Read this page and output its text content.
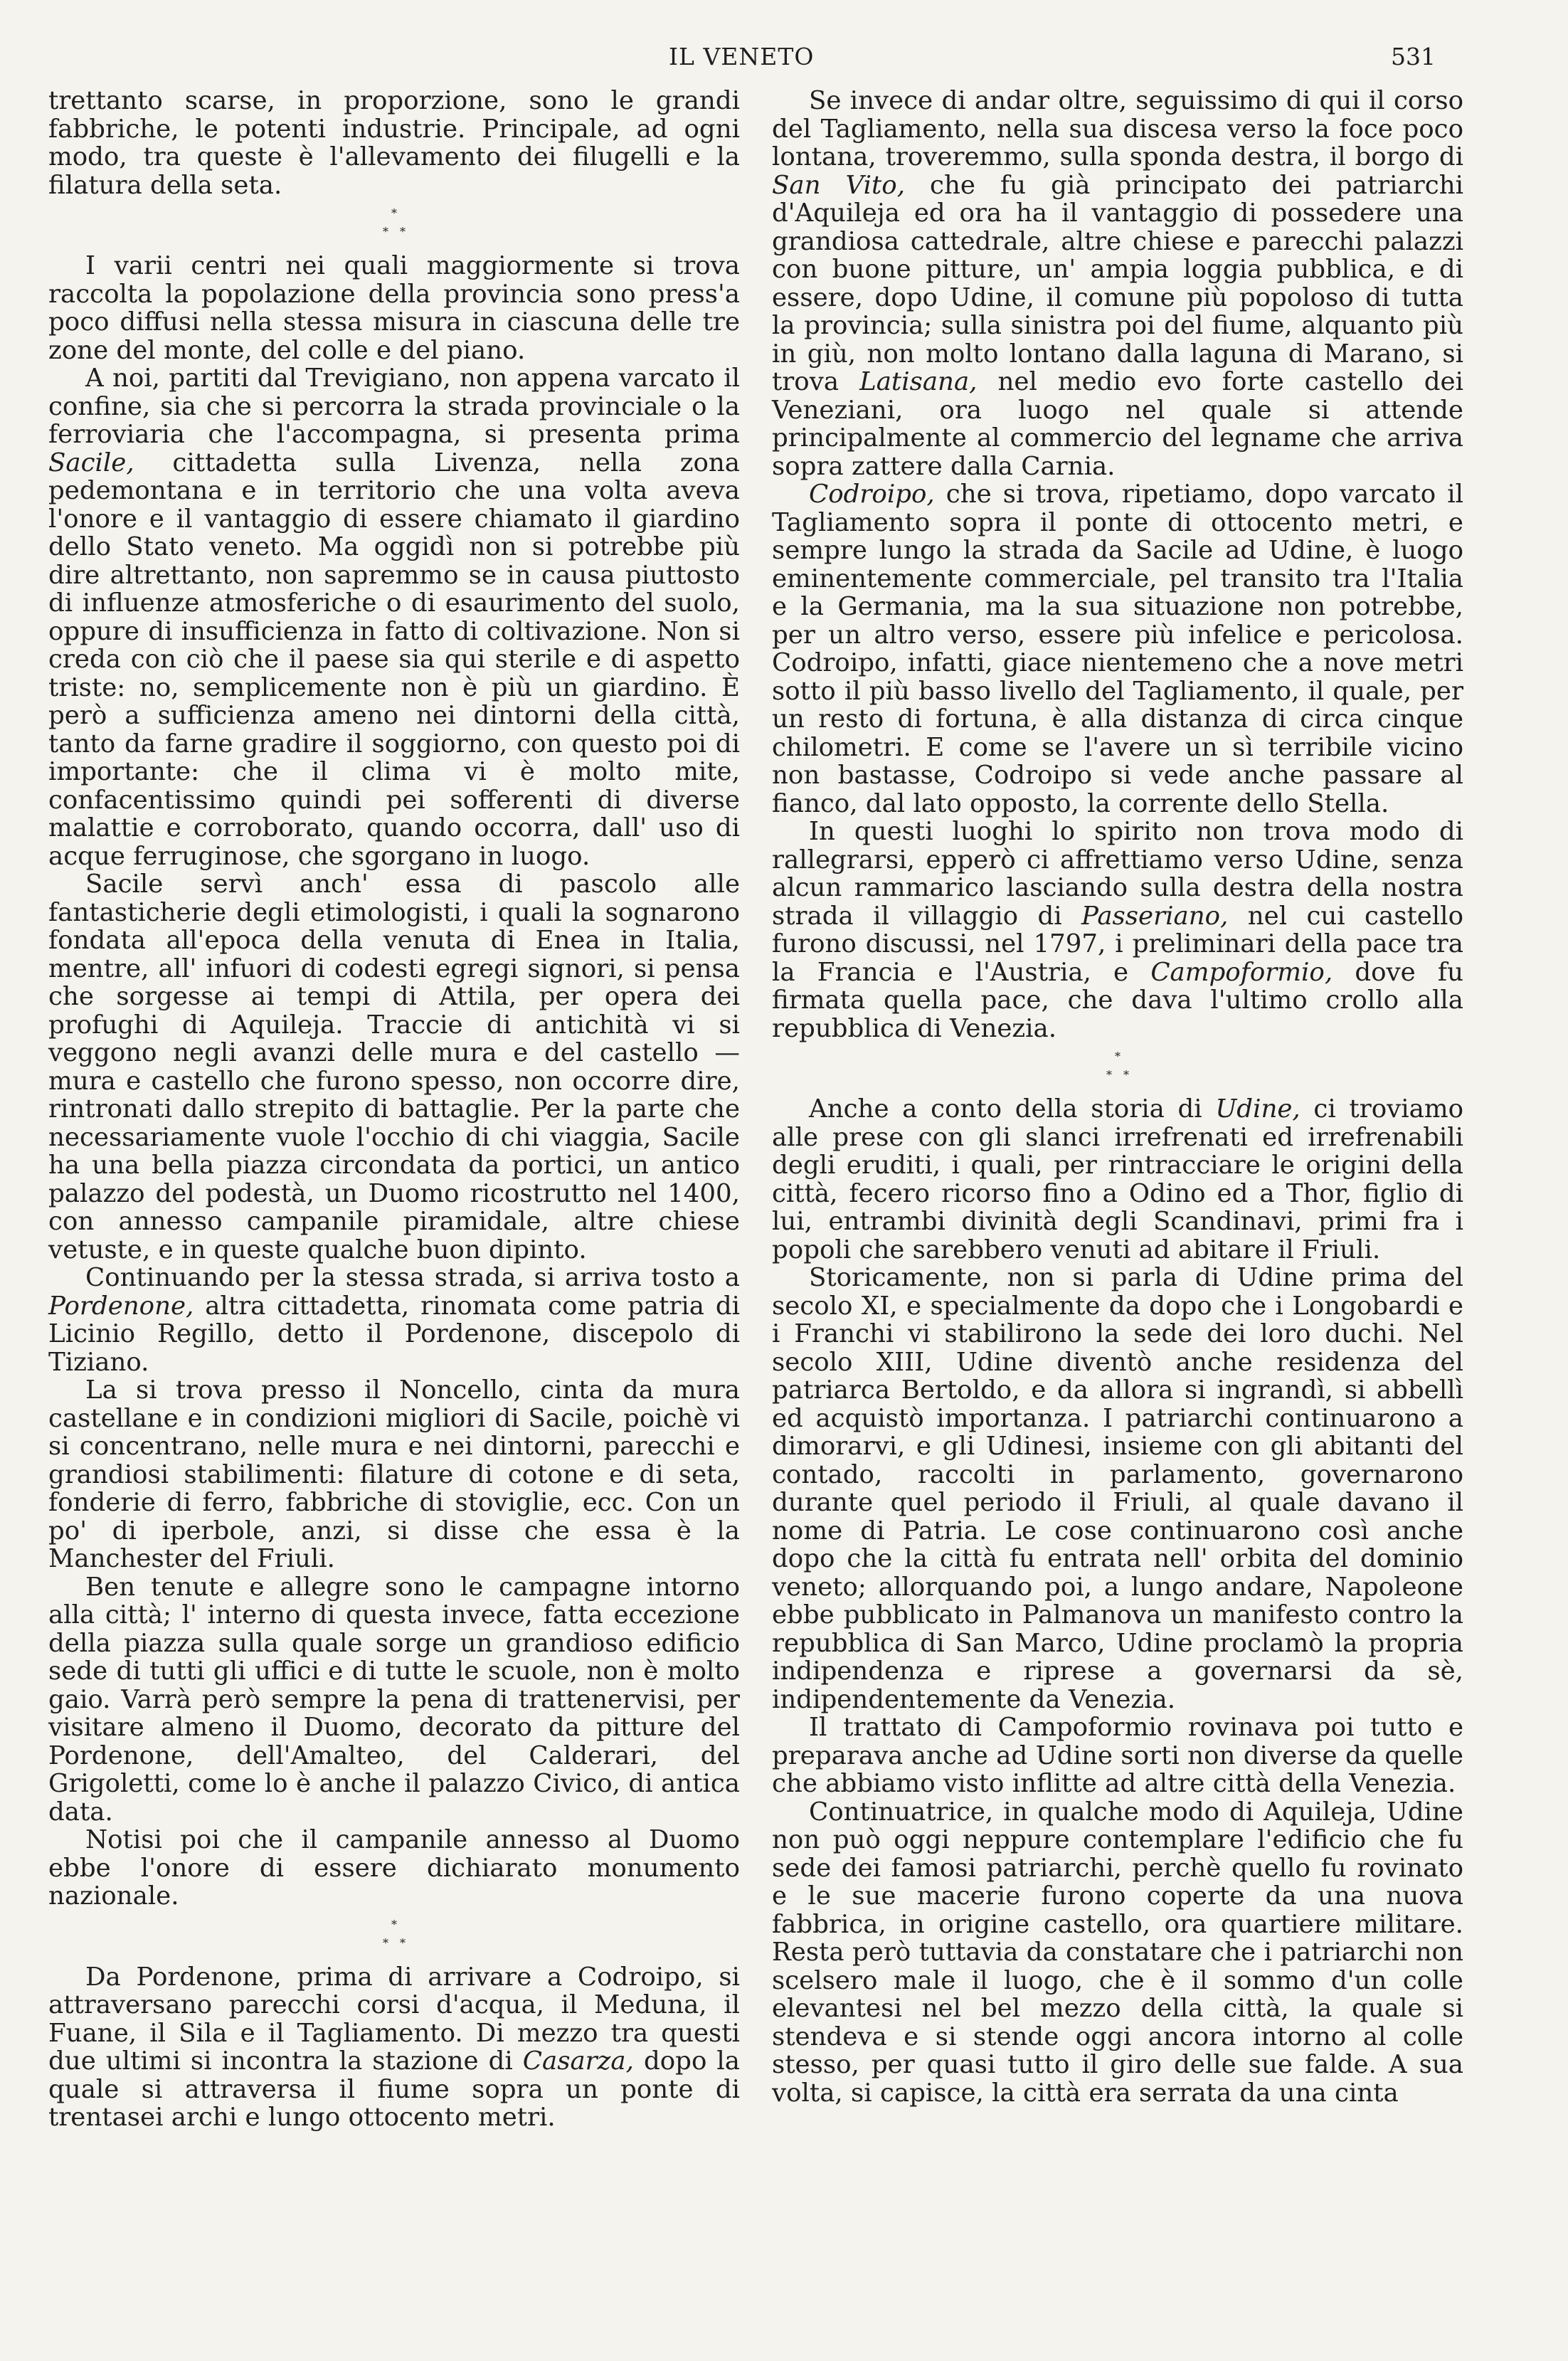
IL VENETO	531

trettanto scarse, in proporzione, sono le grandi fabbriche, le potenti industrie. Principale, ad ogni modo, tra queste è l'allevamento dei filugelli e la filatura della seta.

*
* *

I varii centri nei quali maggiormente si trova raccolta la popolazione della provincia sono press'a poco diffusi nella stessa misura in ciascuna delle tre zone del monte, del colle e del piano.

A noi, partiti dal Trevigiano, non appena varcato il confine, sia che si percorra la strada provinciale o la ferroviaria che l'accompagna, si presenta prima Sacile, cittadetta sulla Livenza, nella zona pedemontana e in territorio che una volta aveva l'onore e il vantaggio di essere chiamato il giardino dello Stato veneto. Ma oggidì non si potrebbe più dire altrettanto, non sapremmo se in causa piuttosto di influenze atmosferiche o di esaurimento del suolo, oppure di insufficienza in fatto di coltivazione. Non si creda con ciò che il paese sia qui sterile e di aspetto triste: no, semplicemente non è più un giardino. È però a sufficienza ameno nei dintorni della città, tanto da farne gradire il soggiorno, con questo poi di importante: che il clima vi è molto mite, confacentissimo quindi pei sofferenti di diverse malattie e corroborato, quando occorra, dall' uso di acque ferruginose, che sgorgano in luogo.

Sacile servì anch' essa di pascolo alle fantasticherie degli etimologisti, i quali la sognarono fondata all'epoca della venuta di Enea in Italia, mentre, all' infuori di codesti egregi signori, si pensa che sorgesse ai tempi di Attila, per opera dei profughi di Aquileja. Traccie di antichità vi si veggono negli avanzi delle mura e del castello — mura e castello che furono spesso, non occorre dire, rintronati dallo strepito di battaglie. Per la parte che necessariamente vuole l'occhio di chi viaggia, Sacile ha una bella piazza circondata da portici, un antico palazzo del podestà, un Duomo ricostrutto nel 1400, con annesso campanile piramidale, altre chiese vetuste, e in queste qualche buon dipinto.

Continuando per la stessa strada, si arriva tosto a Pordenone, altra cittadetta, rinomata come patria di Licinio Regillo, detto il Pordenone, discepolo di Tiziano.

La si trova presso il Noncello, cinta da mura castellane e in condizioni migliori di Sacile, poichè vi si concentrano, nelle mura e nei dintorni, parecchi e grandiosi stabilimenti: filature di cotone e di seta, fonderie di ferro, fabbriche di stoviglie, ecc. Con un po' di iperbole, anzi, si disse che essa è la Manchester del Friuli.

Ben tenute e allegre sono le campagne intorno alla città; l' interno di questa invece, fatta eccezione della piazza sulla quale sorge un grandioso edificio sede di tutti gli uffici e di tutte le scuole, non è molto gaio. Varrà però sempre la pena di trattenervisi, per visitare almeno il Duomo, decorato da pitture del Pordenone, dell'Amalteo, del Calderari, del Grigoletti, come lo è anche il palazzo Civico, di antica data.

Notisi poi che il campanile annesso al Duomo ebbe l'onore di essere dichiarato monumento nazionale.

*
* *

Da Pordenone, prima di arrivare a Codroipo, si attraversano parecchi corsi d'acqua, il Meduna, il Fuane, il Sila e il Tagliamento. Di mezzo tra questi due ultimi si incontra la stazione di Casarza, dopo la quale si attraversa il fiume sopra un ponte di trentasei archi e lungo ottocento metri.

Se invece di andar oltre, seguissimo di qui il corso del Tagliamento, nella sua discesa verso la foce poco lontana, troveremmo, sulla sponda destra, il borgo di San Vito, che fu già principato dei patriarchi d'Aquileja ed ora ha il vantaggio di possedere una grandiosa cattedrale, altre chiese e parecchi palazzi con buone pitture, un' ampia loggia pubblica, e di essere, dopo Udine, il comune più popoloso di tutta la provincia; sulla sinistra poi del fiume, alquanto più in giù, non molto lontano dalla laguna di Marano, si trova Latisana, nel medio evo forte castello dei Veneziani, ora luogo nel quale si attende principalmente al commercio del legname che arriva sopra zattere dalla Carnia.

Codroipo, che si trova, ripetiamo, dopo varcato il Tagliamento sopra il ponte di ottocento metri, e sempre lungo la strada da Sacile ad Udine, è luogo eminentemente commerciale, pel transito tra l'Italia e la Germania, ma la sua situazione non potrebbe, per un altro verso, essere più infelice e pericolosa. Codroipo, infatti, giace nientemeno che a nove metri sotto il più basso livello del Tagliamento, il quale, per un resto di fortuna, è alla distanza di circa cinque chilometri. E come se l'avere un sì terribile vicino non bastasse, Codroipo si vede anche passare al fianco, dal lato opposto, la corrente dello Stella.

In questi luoghi lo spirito non trova modo di rallegrarsi, epperò ci affrettiamo verso Udine, senza alcun rammarico lasciando sulla destra della nostra strada il villaggio di Passeriano, nel cui castello furono discussi, nel 1797, i preliminari della pace tra la Francia e l'Austria, e Campoformio, dove fu firmata quella pace, che dava l'ultimo crollo alla repubblica di Venezia.

*
* *

Anche a conto della storia di Udine, ci troviamo alle prese con gli slanci irrefrenati ed irrefrenabili degli eruditi, i quali, per rintracciare le origini della città, fecero ricorso fino a Odino ed a Thor, figlio di lui, entrambi divinità degli Scandinavi, primi fra i popoli che sarebbero venuti ad abitare il Friuli.

Storicamente, non si parla di Udine prima del secolo XI, e specialmente da dopo che i Longobardi e i Franchi vi stabilirono la sede dei loro duchi. Nel secolo XIII, Udine diventò anche residenza del patriarca Bertoldo, e da allora si ingrandì, si abbellì ed acquistò importanza. I patriarchi continuarono a dimorarvi, e gli Udinesi, insieme con gli abitanti del contado, raccolti in parlamento, governarono durante quel periodo il Friuli, al quale davano il nome di Patria. Le cose continuarono così anche dopo che la città fu entrata nell' orbita del dominio veneto; allorquando poi, a lungo andare, Napoleone ebbe pubblicato in Palmanova un manifesto contro la repubblica di San Marco, Udine proclamò la propria indipendenza e riprese a governarsi da sè, indipendentemente da Venezia.

Il trattato di Campoformio rovinava poi tutto e preparava anche ad Udine sorti non diverse da quelle che abbiamo visto inflitte ad altre città della Venezia.

Continuatrice, in qualche modo di Aquileja, Udine non può oggi neppure contemplare l'edificio che fu sede dei famosi patriarchi, perchè quello fu rovinato e le sue macerie furono coperte da una nuova fabbrica, in origine castello, ora quartiere militare. Resta però tuttavia da constatare che i patriarchi non scelsero male il luogo, che è il sommo d'un colle elevantesi nel bel mezzo della città, la quale si stendeva e si stende oggi ancora intorno al colle stesso, per quasi tutto il giro delle sue falde. A sua volta, si capisce, la città era serrata da una cinta
